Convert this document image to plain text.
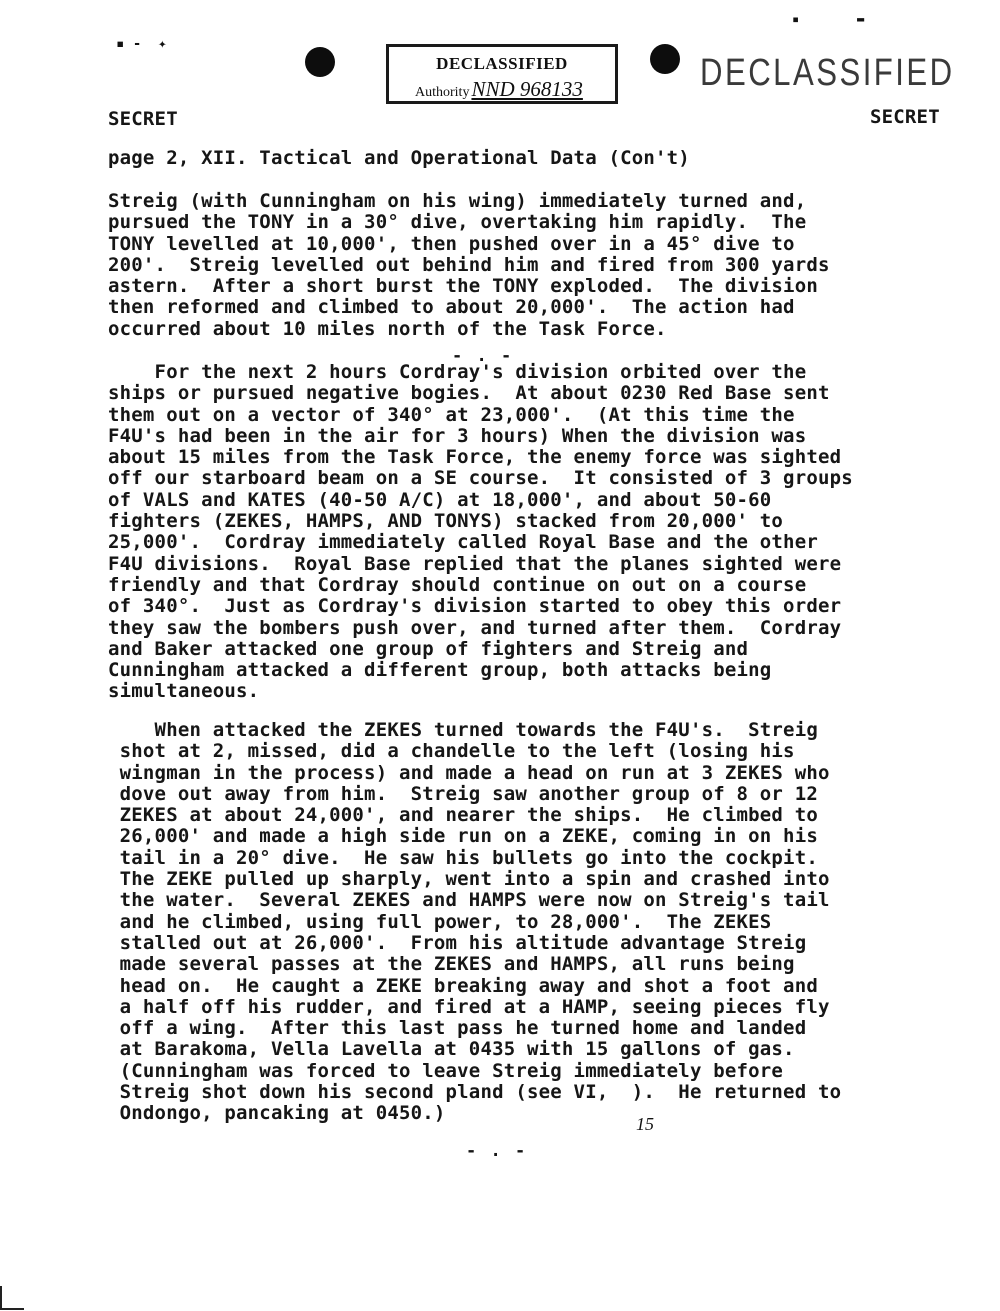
▪ ‑  ✦
▪        ▬
DECLASSIFIED
AuthorityNND 968133	DECLASSIFIED
SECRET	SECRET
page 2, XII. Tactical and Operational Data (Con't)

Streig (with Cunningham on his wing) immediately turned and,

pursued the TONY in a 30° dive, overtaking him rapidly.  The

TONY levelled at 10,000', then pushed over in a 45° dive to

200'.  Streig levelled out behind him and fired from 300 yards

astern.  After a short burst the TONY exploded.  The division

then reformed and climbed to about 20,000'.  The action had

occurred about 10 miles north of the Task Force.

- . -

For the next 2 hours Cordray's division orbited over the

ships or pursued negative bogies.  At about 0230 Red Base sent

them out on a vector of 340° at 23,000'.  (At this time the

F4U's had been in the air for 3 hours) When the division was

about 15 miles from the Task Force, the enemy force was sighted

off our starboard beam on a SE course.  It consisted of 3 groups

of VALS and KATES (40-50 A/C) at 18,000', and about 50-60

fighters (ZEKES, HAMPS, AND TONYS) stacked from 20,000' to

25,000'.  Cordray immediately called Royal Base and the other

F4U divisions.  Royal Base replied that the planes sighted were

friendly and that Cordray should continue on out on a course

of 340°.  Just as Cordray's division started to obey this order

they saw the bombers push over, and turned after them.  Cordray

and Baker attacked one group of fighters and Streig and

Cunningham attacked a different group, both attacks being

simultaneous.

When attacked the ZEKES turned towards the F4U's.  Streig

shot at 2, missed, did a chandelle to the left (losing his

wingman in the process) and made a head on run at 3 ZEKES who

dove out away from him.  Streig saw another group of 8 or 12

ZEKES at about 24,000', and nearer the ships.  He climbed to

26,000' and made a high side run on a ZEKE, coming in on his

tail in a 20° dive.  He saw his bullets go into the cockpit.

The ZEKE pulled up sharply, went into a spin and crashed into

the water.  Several ZEKES and HAMPS were now on Streig's tail

and he climbed, using full power, to 28,000'.  The ZEKES

stalled out at 26,000'.  From his altitude advantage Streig

made several passes at the ZEKES and HAMPS, all runs being

head on.  He caught a ZEKE breaking away and shot a foot and

a half off his rudder, and fired at a HAMP, seeing pieces fly

off a wing.  After this last pass he turned home and landed

at Barakoma, Vella Lavella at 0435 with 15 gallons of gas.

(Cunningham was forced to leave Streig immediately before

Streig shot down his second pland (see VI,  ).  He returned to

Ondongo, pancaking at 0450.)	15
- . -
